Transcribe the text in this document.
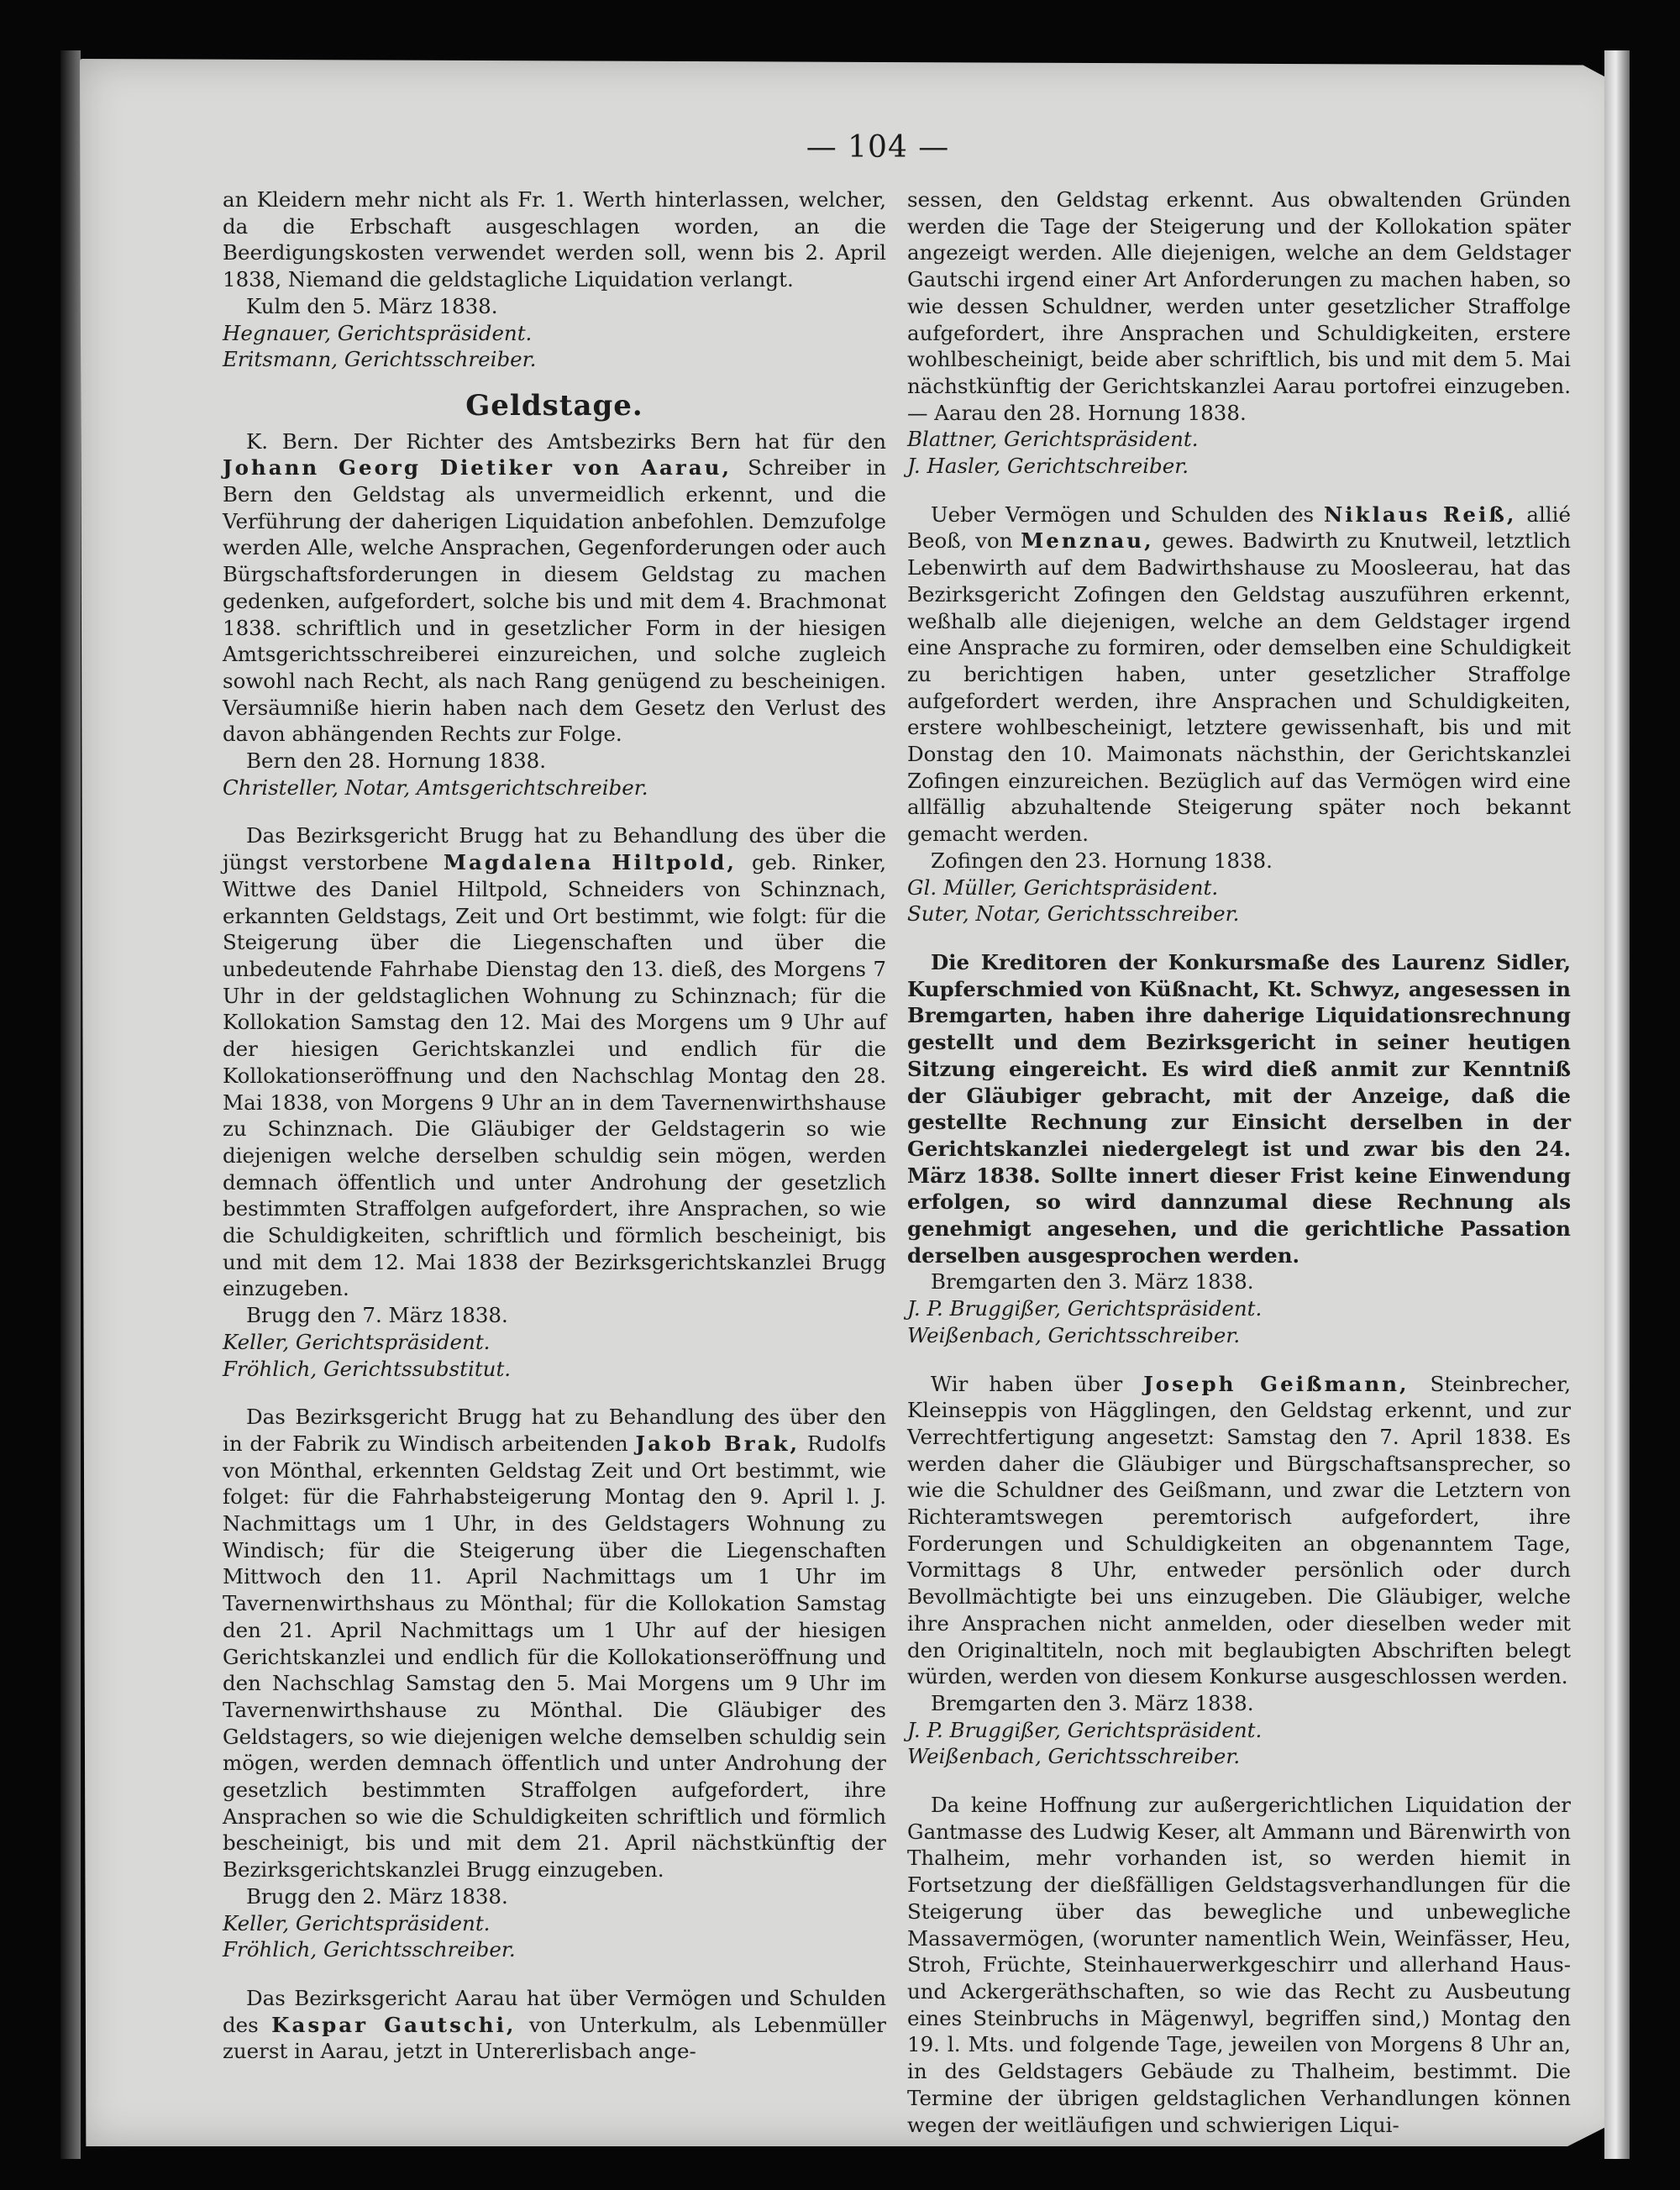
— 104 —

an Kleidern mehr nicht als Fr. 1. Werth hinterlassen, welcher, da die Erbschaft ausgeschlagen worden, an die Beerdigungskosten verwendet werden soll, wenn bis 2. April 1838, Niemand die geldstagliche Liquidation verlangt.

Kulm den 5. März 1838.

Hegnauer, Gerichtspräsident.

Eritsmann, Gerichtsschreiber.

Geldstage.

K. Bern. Der Richter des Amtsbezirks Bern hat für den Johann Georg Dietiker von Aarau, Schreiber in Bern den Geldstag als unvermeidlich erkennt, und die Verführung der daherigen Liquidation anbefohlen. Demzufolge werden Alle, welche Ansprachen, Gegenforderungen oder auch Bürgschaftsforderungen in diesem Geldstag zu machen gedenken, aufgefordert, solche bis und mit dem 4. Brachmonat 1838. schriftlich und in gesetzlicher Form in der hiesigen Amtsgerichtsschreiberei einzureichen, und solche zugleich sowohl nach Recht, als nach Rang genügend zu bescheinigen. Versäumniße hierin haben nach dem Gesetz den Verlust des davon abhängenden Rechts zur Folge.

Bern den 28. Hornung 1838.

Christeller, Notar, Amtsgerichtschreiber.

Das Bezirksgericht Brugg hat zu Behandlung des über die jüngst verstorbene Magdalena Hiltpold, geb. Rinker, Wittwe des Daniel Hiltpold, Schneiders von Schinznach, erkannten Geldstags, Zeit und Ort bestimmt, wie folgt: für die Steigerung über die Liegenschaften und über die unbedeutende Fahrhabe Dienstag den 13. dieß, des Morgens 7 Uhr in der geldstaglichen Wohnung zu Schinznach; für die Kollokation Samstag den 12. Mai des Morgens um 9 Uhr auf der hiesigen Gerichtskanzlei und endlich für die Kollokationseröffnung und den Nachschlag Montag den 28. Mai 1838, von Morgens 9 Uhr an in dem Tavernenwirthshause zu Schinznach. Die Gläubiger der Geldstagerin so wie diejenigen welche derselben schuldig sein mögen, werden demnach öffentlich und unter Androhung der gesetzlich bestimmten Straffolgen aufgefordert, ihre Ansprachen, so wie die Schuldigkeiten, schriftlich und förmlich bescheinigt, bis und mit dem 12. Mai 1838 der Bezirksgerichtskanzlei Brugg einzugeben.

Brugg den 7. März 1838.

Keller, Gerichtspräsident.

Fröhlich, Gerichtssubstitut.

Das Bezirksgericht Brugg hat zu Behandlung des über den in der Fabrik zu Windisch arbeitenden Jakob Brak, Rudolfs von Mönthal, erkennten Geldstag Zeit und Ort bestimmt, wie folget: für die Fahrhabsteigerung Montag den 9. April l. J. Nachmittags um 1 Uhr, in des Geldstagers Wohnung zu Windisch; für die Steigerung über die Liegenschaften Mittwoch den 11. April Nachmittags um 1 Uhr im Tavernenwirthshaus zu Mönthal; für die Kollokation Samstag den 21. April Nachmittags um 1 Uhr auf der hiesigen Gerichtskanzlei und endlich für die Kollokationseröffnung und den Nachschlag Samstag den 5. Mai Morgens um 9 Uhr im Tavernenwirthshause zu Mönthal. Die Gläubiger des Geldstagers, so wie diejenigen welche demselben schuldig sein mögen, werden demnach öffentlich und unter Androhung der gesetzlich bestimmten Straffolgen aufgefordert, ihre Ansprachen so wie die Schuldigkeiten schriftlich und förmlich bescheinigt, bis und mit dem 21. April nächstkünftig der Bezirksgerichtskanzlei Brugg einzugeben.

Brugg den 2. März 1838.

Keller, Gerichtspräsident.

Fröhlich, Gerichtsschreiber.

Das Bezirksgericht Aarau hat über Vermögen und Schulden des Kaspar Gautschi, von Unterkulm, als Lebenmüller zuerst in Aarau, jetzt in Untererlisbach ange-

sessen, den Geldstag erkennt. Aus obwaltenden Gründen werden die Tage der Steigerung und der Kollokation später angezeigt werden. Alle diejenigen, welche an dem Geldstager Gautschi irgend einer Art Anforderungen zu machen haben, so wie dessen Schuldner, werden unter gesetzlicher Straffolge aufgefordert, ihre Ansprachen und Schuldigkeiten, erstere wohlbescheinigt, beide aber schriftlich, bis und mit dem 5. Mai nächstkünftig der Gerichtskanzlei Aarau portofrei einzugeben. — Aarau den 28. Hornung 1838.

Blattner, Gerichtspräsident.

J. Hasler, Gerichtschreiber.

Ueber Vermögen und Schulden des Niklaus Reiß, allié Beoß, von Menznau, gewes. Badwirth zu Knutweil, letztlich Lebenwirth auf dem Badwirthshause zu Moosleerau, hat das Bezirksgericht Zofingen den Geldstag auszuführen erkennt, weßhalb alle diejenigen, welche an dem Geldstager irgend eine Ansprache zu formiren, oder demselben eine Schuldigkeit zu berichtigen haben, unter gesetzlicher Straffolge aufgefordert werden, ihre Ansprachen und Schuldigkeiten, erstere wohlbescheinigt, letztere gewissenhaft, bis und mit Donstag den 10. Maimonats nächsthin, der Gerichtskanzlei Zofingen einzureichen. Bezüglich auf das Vermögen wird eine allfällig abzuhaltende Steigerung später noch bekannt gemacht werden.

Zofingen den 23. Hornung 1838.

Gl. Müller, Gerichtspräsident.

Suter, Notar, Gerichtsschreiber.

Die Kreditoren der Konkursmaße des Laurenz Sidler, Kupferschmied von Küßnacht, Kt. Schwyz, angesessen in Bremgarten, haben ihre daherige Liquidationsrechnung gestellt und dem Bezirksgericht in seiner heutigen Sitzung eingereicht. Es wird dieß anmit zur Kenntniß der Gläubiger gebracht, mit der Anzeige, daß die gestellte Rechnung zur Einsicht derselben in der Gerichtskanzlei niedergelegt ist und zwar bis den 24. März 1838. Sollte innert dieser Frist keine Einwendung erfolgen, so wird dannzumal diese Rechnung als genehmigt angesehen, und die gerichtliche Passation derselben ausgesprochen werden.

Bremgarten den 3. März 1838.

J. P. Bruggißer, Gerichtspräsident.

Weißenbach, Gerichtsschreiber.

Wir haben über Joseph Geißmann, Steinbrecher, Kleinseppis von Hägglingen, den Geldstag erkennt, und zur Verrechtfertigung angesetzt: Samstag den 7. April 1838. Es werden daher die Gläubiger und Bürgschaftsansprecher, so wie die Schuldner des Geißmann, und zwar die Letztern von Richteramtswegen peremtorisch aufgefordert, ihre Forderungen und Schuldigkeiten an obgenanntem Tage, Vormittags 8 Uhr, entweder persönlich oder durch Bevollmächtigte bei uns einzugeben. Die Gläubiger, welche ihre Ansprachen nicht anmelden, oder dieselben weder mit den Originaltiteln, noch mit beglaubigten Abschriften belegt würden, werden von diesem Konkurse ausgeschlossen werden.

Bremgarten den 3. März 1838.

J. P. Bruggißer, Gerichtspräsident.

Weißenbach, Gerichtsschreiber.

Da keine Hoffnung zur außergerichtlichen Liquidation der Gantmasse des Ludwig Keser, alt Ammann und Bärenwirth von Thalheim, mehr vorhanden ist, so werden hiemit in Fortsetzung der dießfälligen Geldstagsverhandlungen für die Steigerung über das bewegliche und unbewegliche Massavermögen, (worunter namentlich Wein, Weinfässer, Heu, Stroh, Früchte, Steinhauerwerkgeschirr und allerhand Haus- und Ackergeräthschaften, so wie das Recht zu Ausbeutung eines Steinbruchs in Mägenwyl, begriffen sind,) Montag den 19. l. Mts. und folgende Tage, jeweilen von Morgens 8 Uhr an, in des Geldstagers Gebäude zu Thalheim, bestimmt. Die Termine der übrigen geldstaglichen Verhandlungen können wegen der weitläufigen und schwierigen Liqui-
